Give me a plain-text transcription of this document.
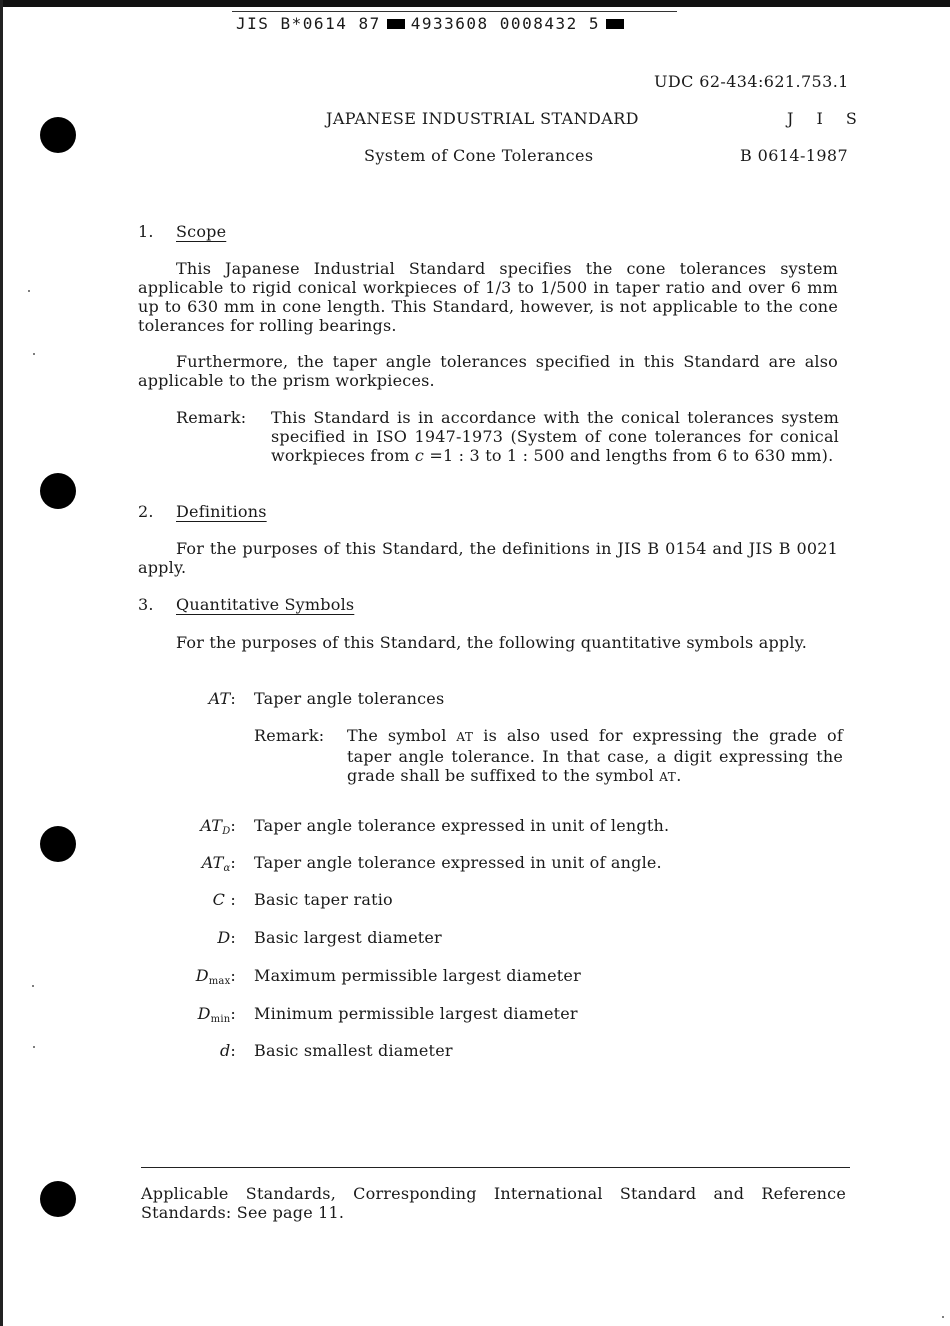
JIS B*0614 87 4933608 0008432 5
UDC 62-434:621.753.1
JAPANESE INDUSTRIAL STANDARD	J I S
System of Cone Tolerances	B 0614-1987
1. Scope
This Japanese Industrial Standard specifies the cone tolerances system applicable to rigid conical workpieces of 1/3 to 1/500 in taper ratio and over 6 mm up to 630 mm in cone length. This Standard, however, is not applicable to the cone tolerances for rolling bearings.
Furthermore, the taper angle tolerances specified in this Standard are also applicable to the prism workpieces.
Remark: This Standard is in accordance with the conical tolerances system specified in ISO 1947-1973 (System of cone tolerances for conical workpieces from c =1 : 3 to 1 : 500 and lengths from 6 to 630 mm).
2. Definitions
For the purposes of this Standard, the definitions in JIS B 0154 and JIS B 0021 apply.
3. Quantitative Symbols
For the purposes of this Standard, the following quantitative symbols apply.
AT: Taper angle tolerances
Remark: The symbol AT is also used for expressing the grade of taper angle tolerance. In that case, a digit expressing the grade shall be suffixed to the symbol AT.
$AT_D$: Taper angle tolerance expressed in unit of length.
$AT_\alpha$: Taper angle tolerance expressed in unit of angle.
C : Basic taper ratio
D: Basic largest diameter
$D_{max}$: Maximum permissible largest diameter
$D_{min}$: Minimum permissible largest diameter
d: Basic smallest diameter
Applicable Standards, Corresponding International Standard and Reference Standards: See page 11.
